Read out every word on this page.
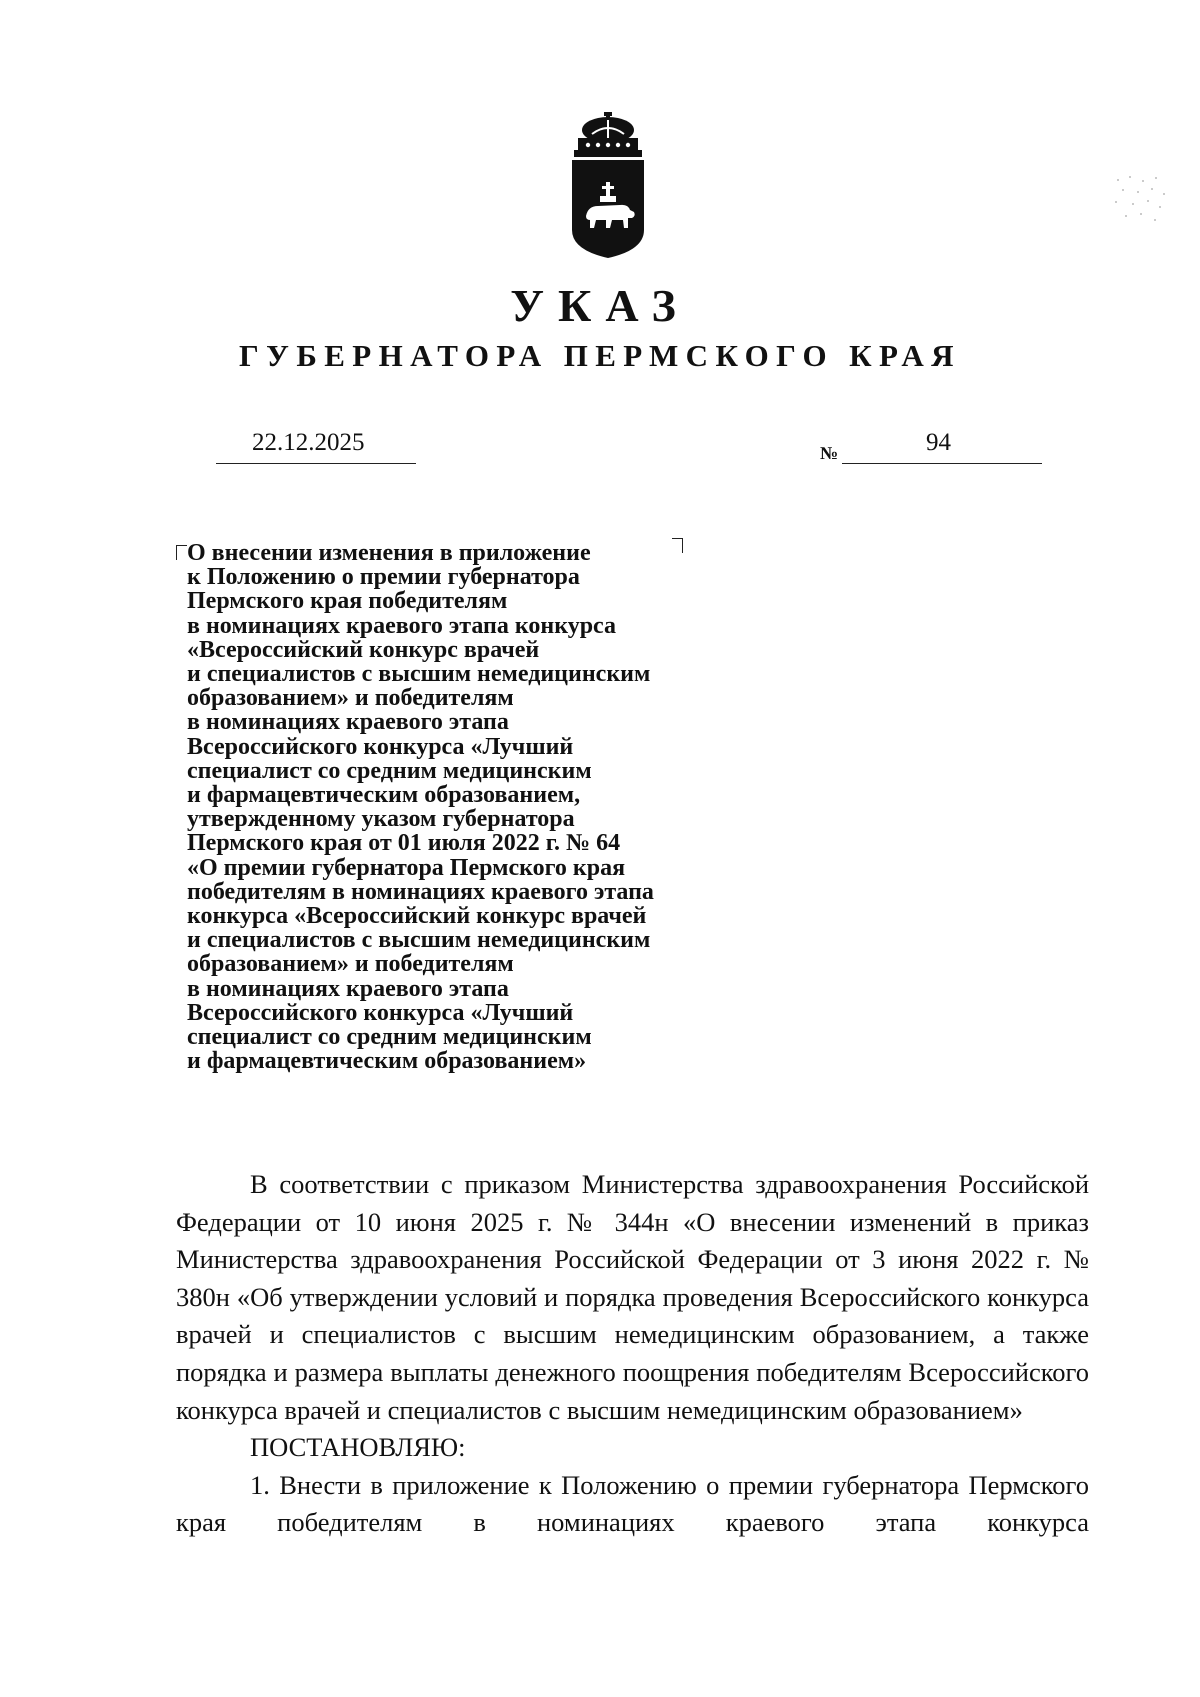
УКАЗ
ГУБЕРНАТОРА ПЕРМСКОГО КРАЯ
22.12.2025	№	94
О внесении изменения в приложение
к Положению о премии губернатора
Пермского края победителям
в номинациях краевого этапа конкурса
«Всероссийский конкурс врачей
и специалистов с высшим немедицинским
образованием» и победителям
в номинациях краевого этапа
Всероссийского конкурса «Лучший
специалист со средним медицинским
и фармацевтическим образованием,
утвержденному указом губернатора
Пермского края от 01 июля 2022 г. № 64
«О премии губернатора Пермского края
победителям в номинациях краевого этапа
конкурса «Всероссийский конкурс врачей
и специалистов с высшим немедицинским
образованием» и победителям
в номинациях краевого этапа
Всероссийского конкурса «Лучший
специалист со средним медицинским
и фармацевтическим образованием»

В соответствии с приказом Министерства здравоохранения Российской Федерации от 10 июня 2025 г. № 344н «О внесении изменений в приказ Министерства здравоохранения Российской Федерации от 3 июня 2022 г. № 380н «Об утверждении условий и порядка проведения Всероссийского конкурса врачей и специалистов с высшим немедицинским образованием, а также порядка и размера выплаты денежного поощрения победителям Всероссийского конкурса врачей и специалистов с высшим немедицинским образованием»

ПОСТАНОВЛЯЮ:

1. Внести в приложение к Положению о премии губернатора Пермского края победителям в номинациях краевого этапа конкурса
